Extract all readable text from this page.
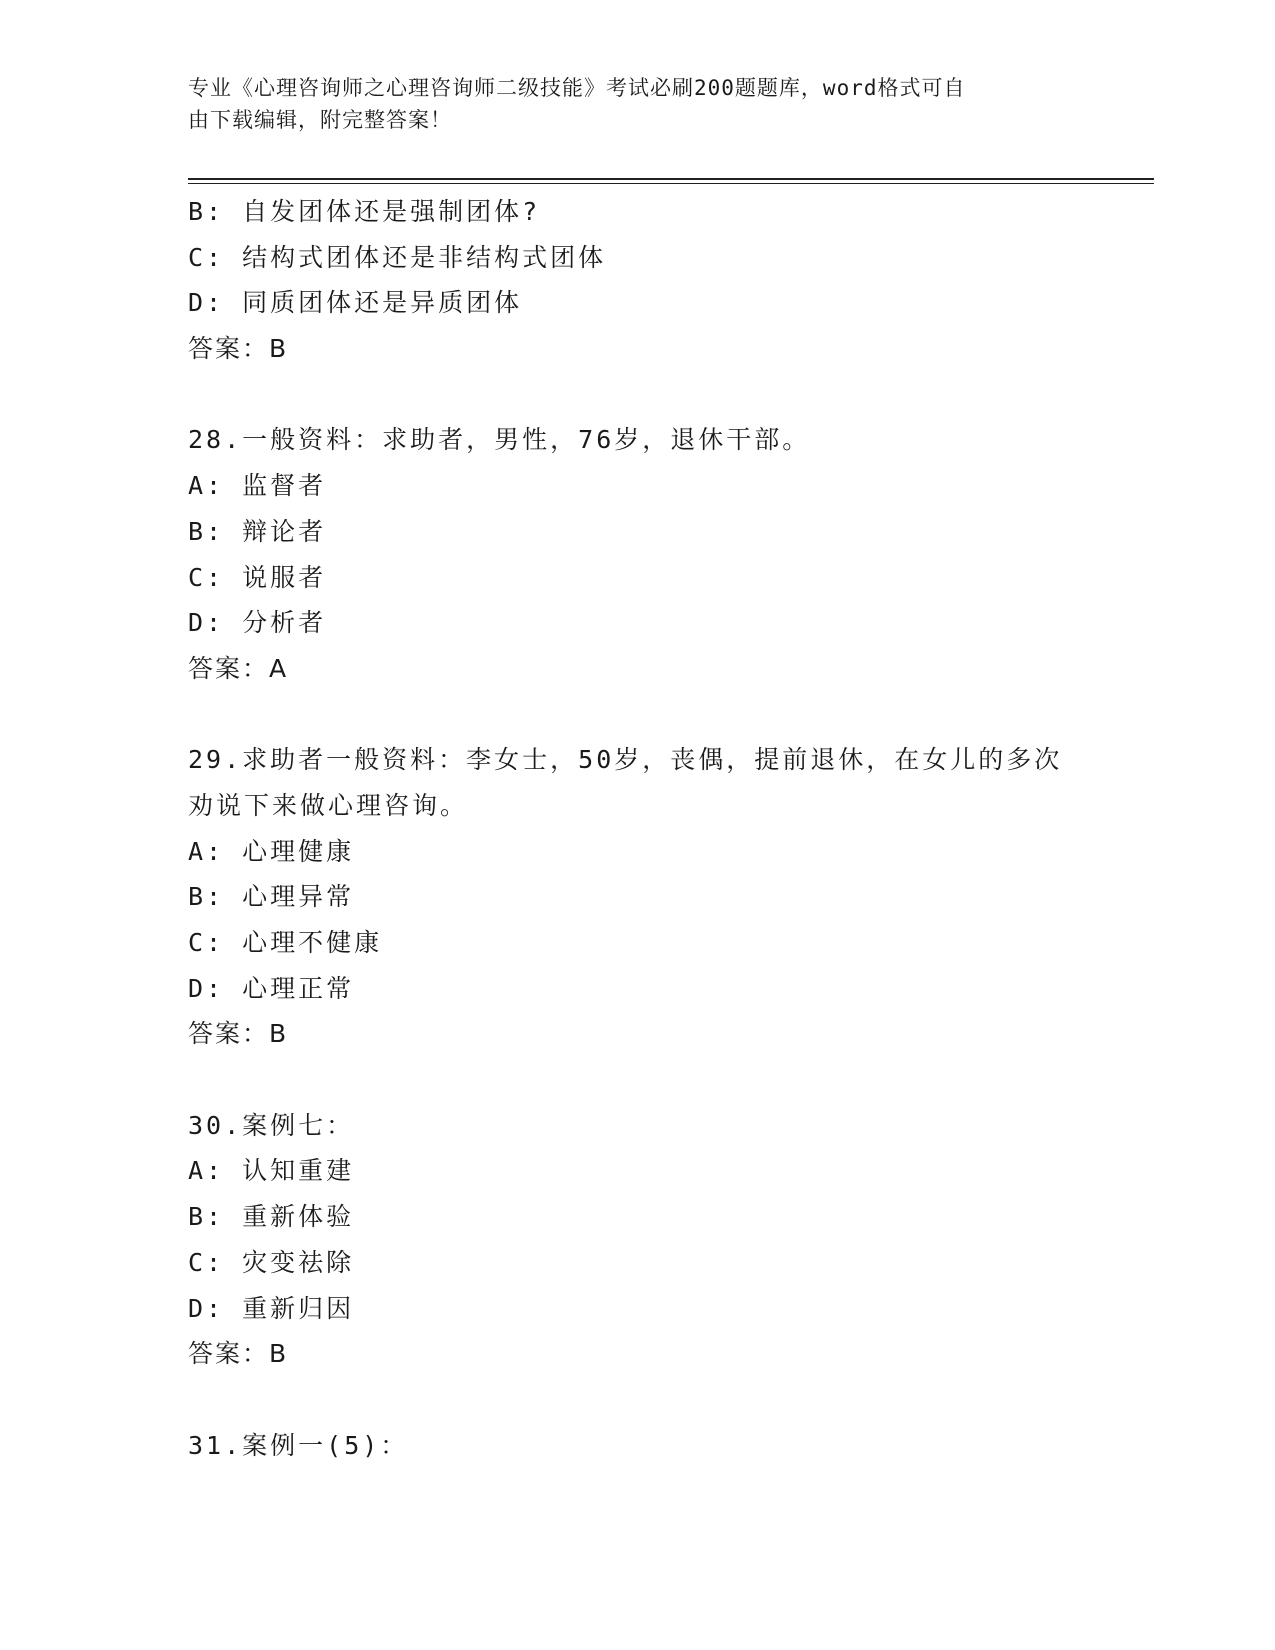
专业《心理咨询师之心理咨询师二级技能》考试必刷200题题库，word格式可自
由下载编辑，附完整答案！
B: 自发团体还是强制团体?
C: 结构式团体还是非结构式团体
D: 同质团体还是异质团体
答案：B
28.一般资料：求助者，男性，76岁，退休干部。
A: 监督者
B: 辩论者
C: 说服者
D: 分析者
答案：A
29.求助者一般资料：李女士，50岁，丧偶，提前退休，在女儿的多次
劝说下来做心理咨询。
A: 心理健康
B: 心理异常
C: 心理不健康
D: 心理正常
答案：B
30.案例七：
A: 认知重建
B: 重新体验
C: 灾变祛除
D: 重新归因
答案：B
31.案例一(5)：
